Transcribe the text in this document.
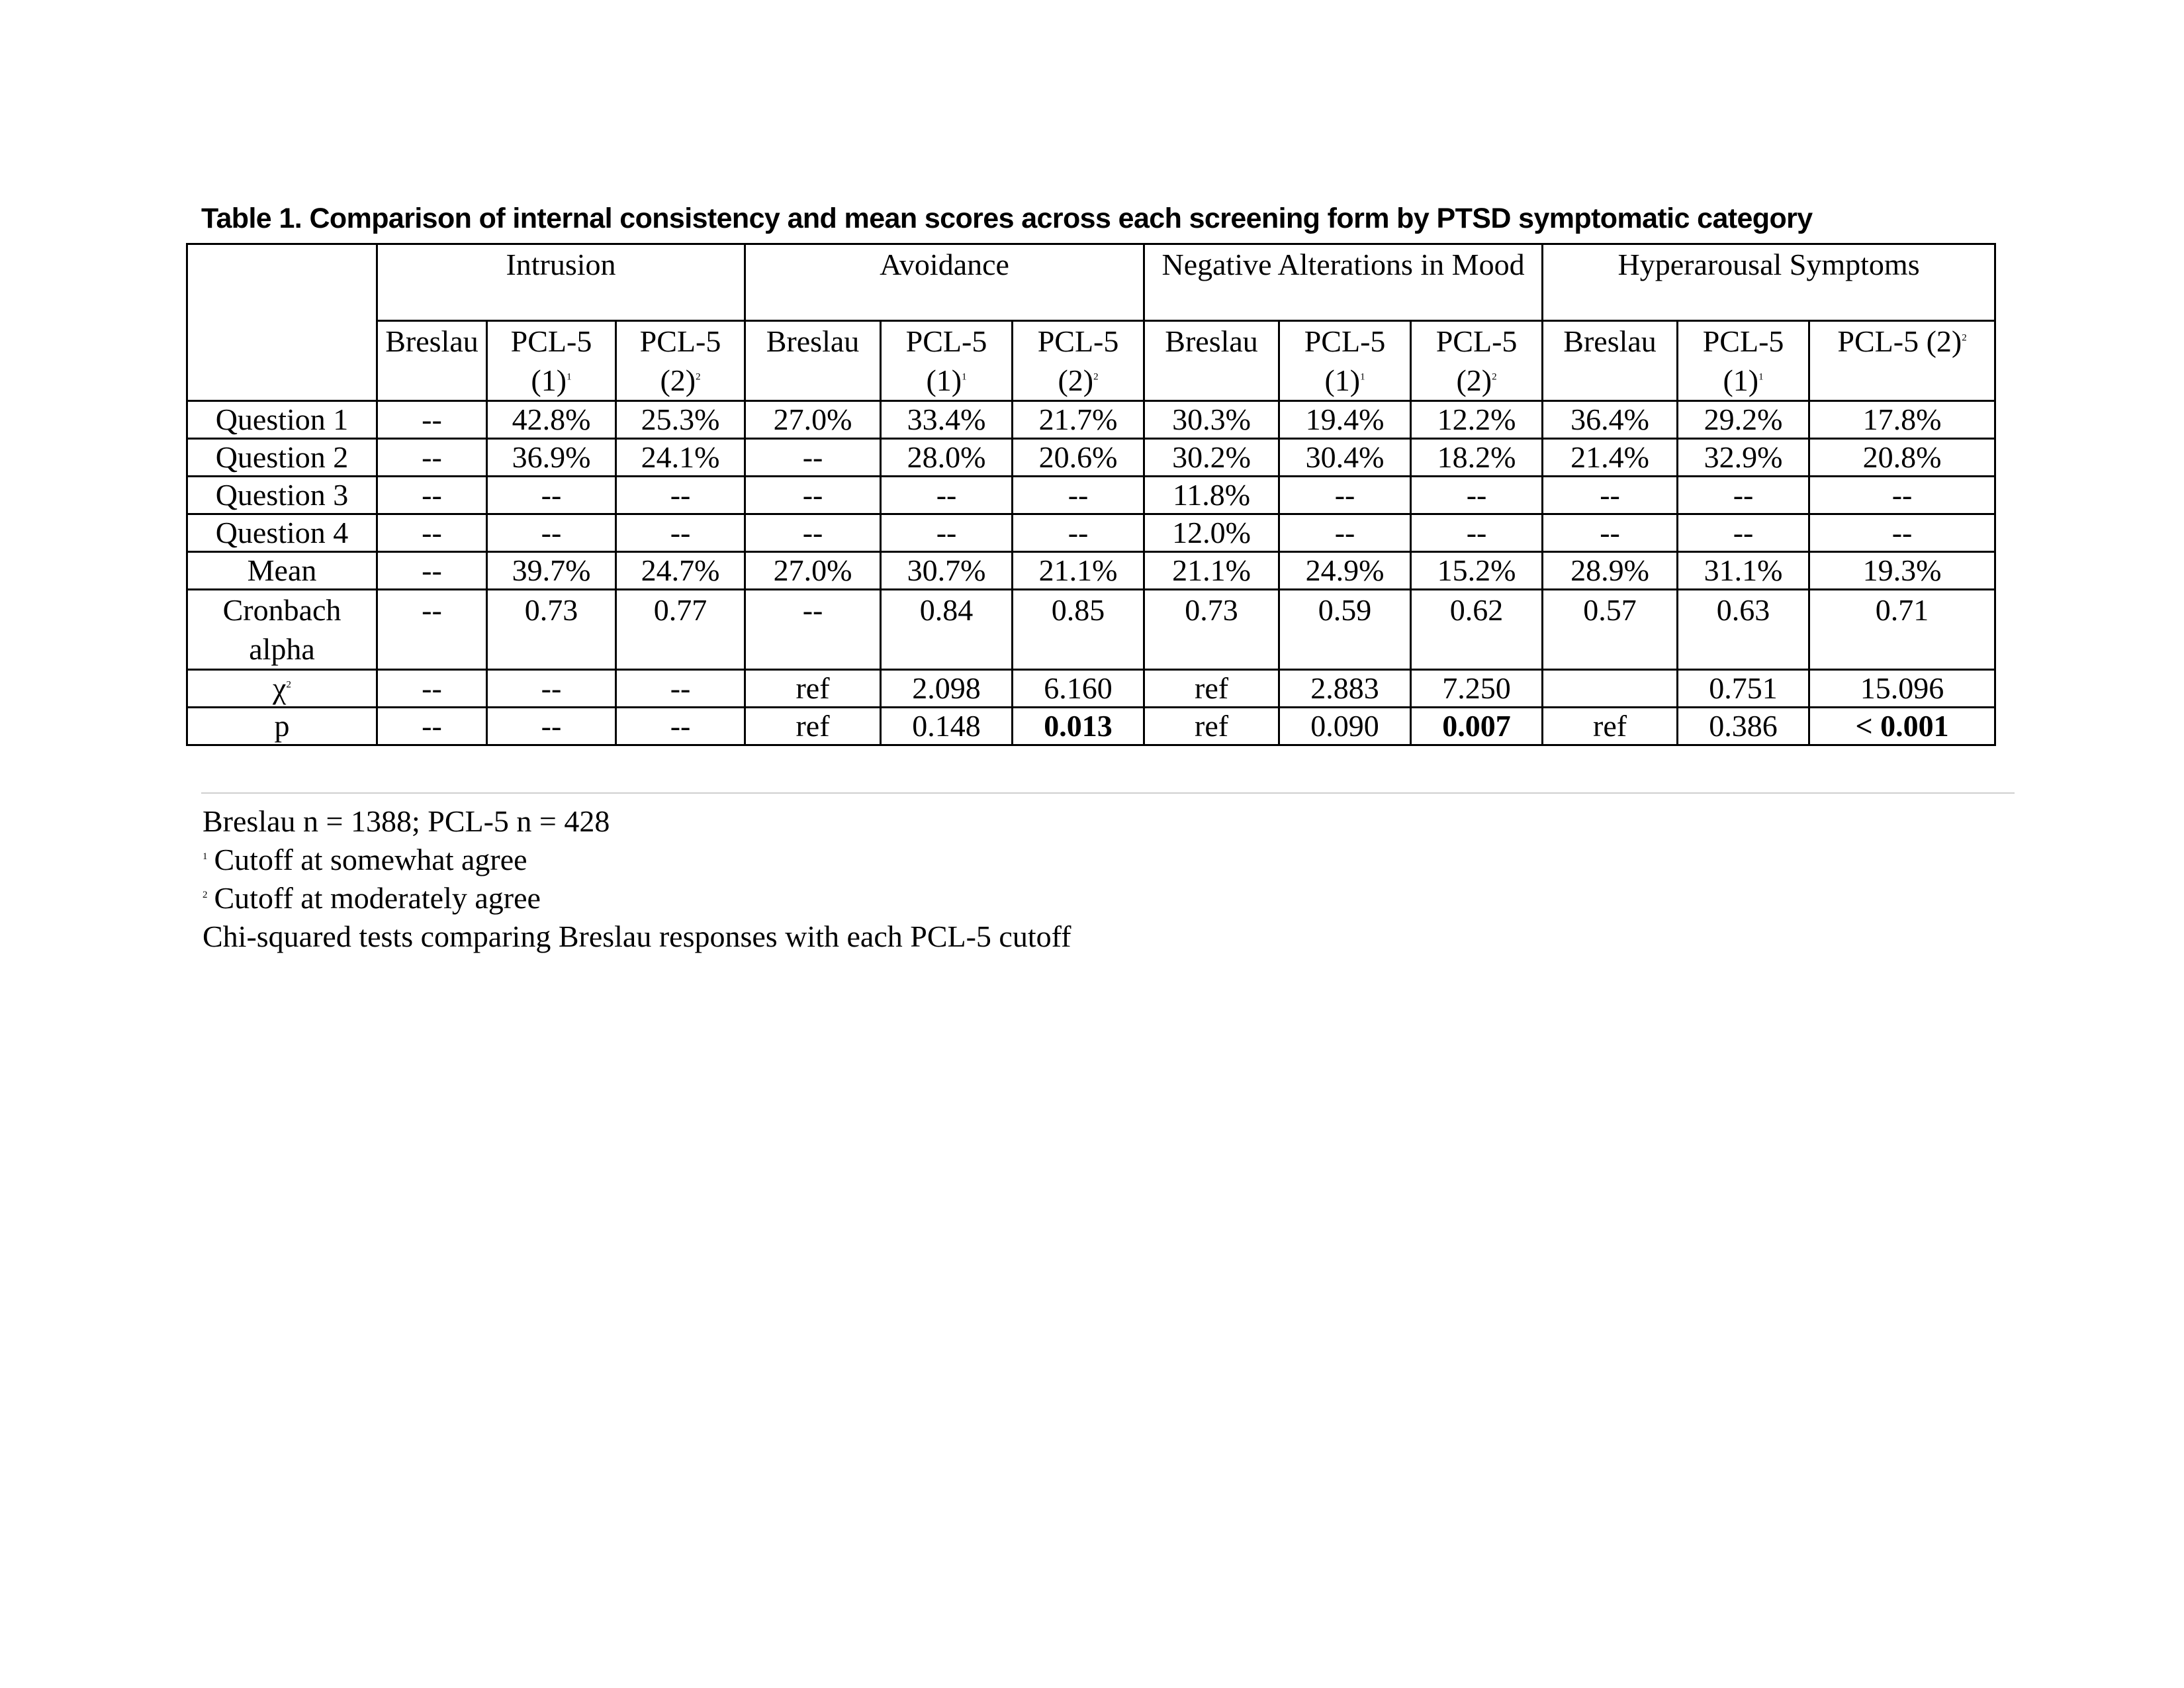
Table 1. Comparison of internal consistency and mean scores across each screening form by PTSD symptomatic category
	Intrusion			Avoidance			Negative Alterations in Mood			Hyperarousal Symptoms		
	Breslau	PCL-5 $(1)^1$	PCL-5 $(2)^2$	Breslau	PCL-5 $(1)^1$	PCL-5 $(2)^2$	Breslau	PCL-5 $(1)^1$	PCL-5 $(2)^2$	Breslau	PCL-5 $(1)^1$	PCL-5 $(2)^2$
Question 1	--	42.8%	25.3%	27.0%	33.4%	21.7%	30.3%	19.4%	12.2%	36.4%	29.2%	17.8%
Question 2	--	36.9%	24.1%	--	28.0%	20.6%	30.2%	30.4%	18.2%	21.4%	32.9%	20.8%
Question 3	--	--	--	--	--	--	11.8%	--	--	--	--	--
Question 4	--	--	--	--	--	--	12.0%	--	--	--	--	--
Mean	--	39.7%	24.7%	27.0%	30.7%	21.1%	21.1%	24.9%	15.2%	28.9%	31.1%	19.3%
Cronbach alpha	--	0.73	0.77	--	0.84	0.85	0.73	0.59	0.62	0.57	0.63	0.71
$\chi^2$	--	--	--	ref	2.098	6.160	ref	2.883	7.250		0.751	15.096
p	--	--	--	ref	0.148	0.013	ref	0.090	0.007	ref	0.386	< 0.001
Breslau n = 1388; PCL-5 n = 428
$^1$ Cutoff at somewhat agree
$^2$ Cutoff at moderately agree
Chi-squared tests comparing Breslau responses with each PCL-5 cutoff
